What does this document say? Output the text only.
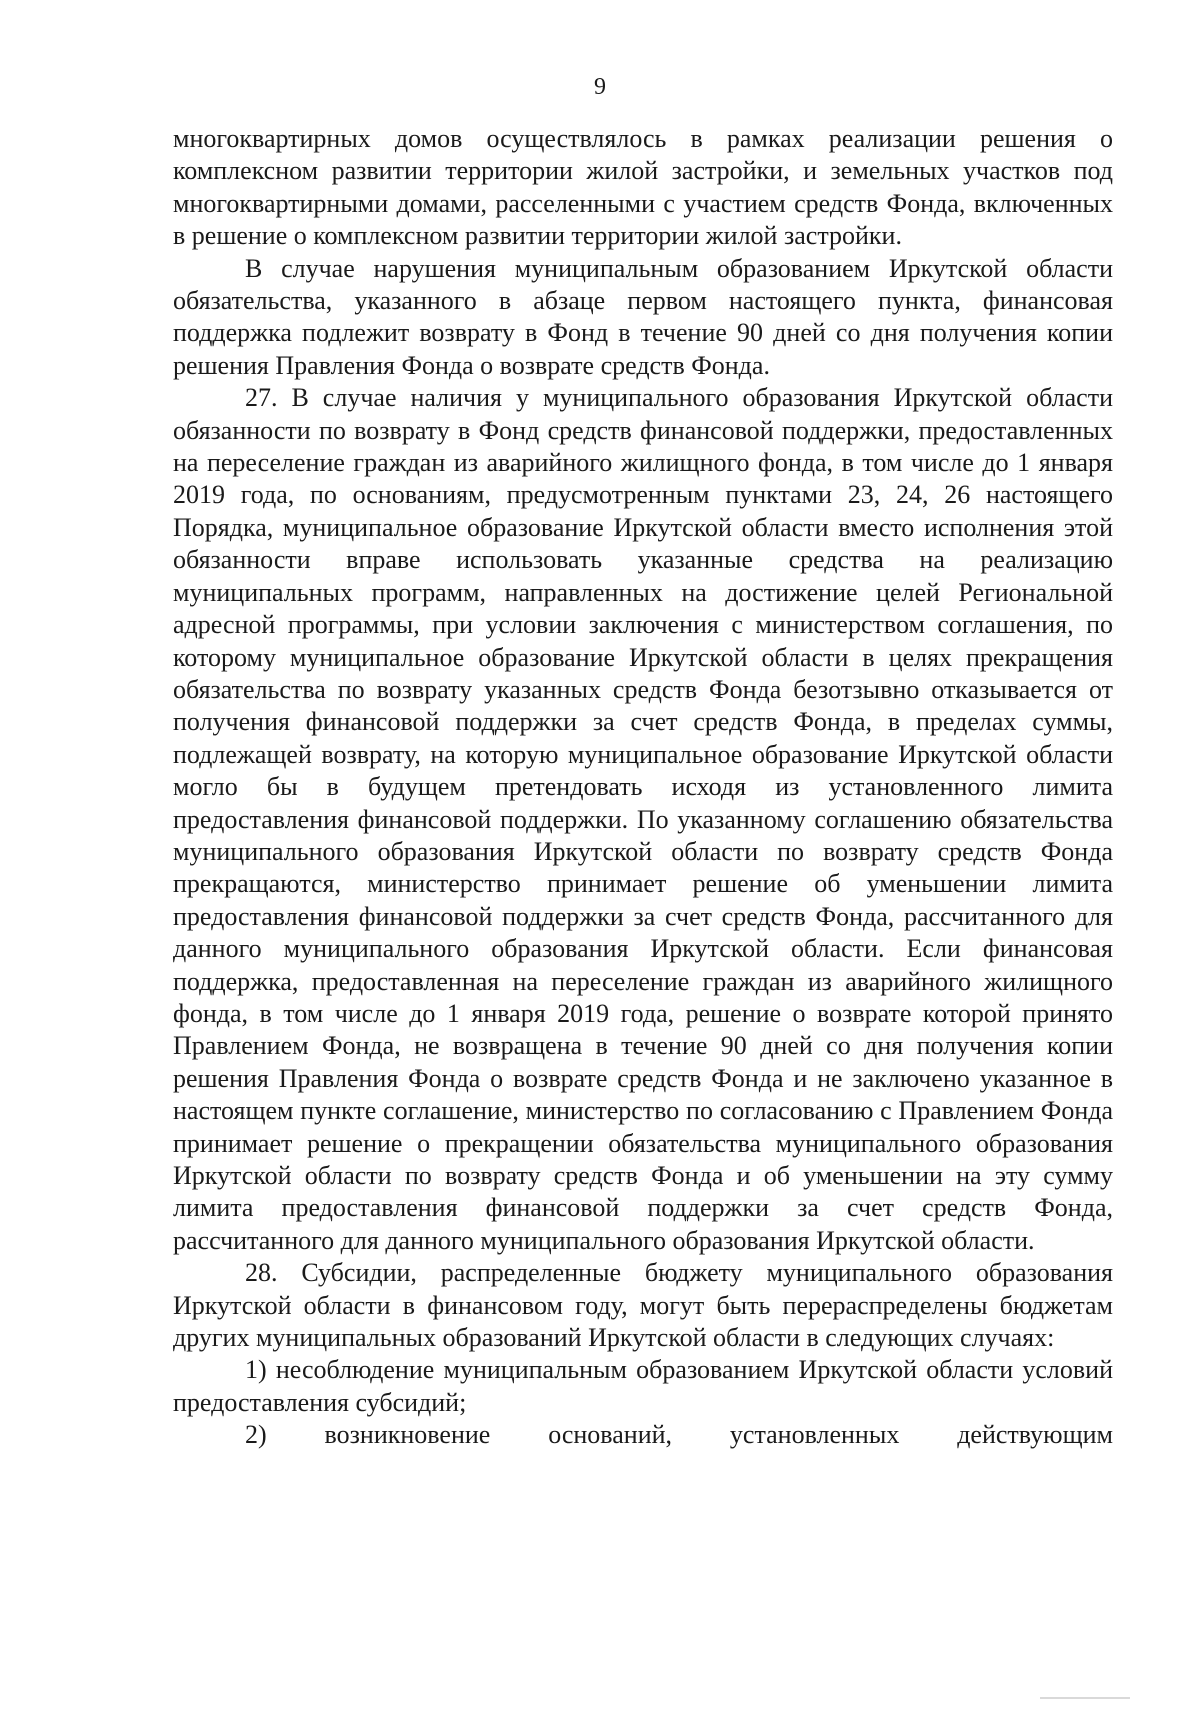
9

многоквартирных домов осуществлялось в рамках реализации решения о комплексном развитии территории жилой застройки, и земельных участков под многоквартирными домами, расселенными с участием средств Фонда, включенных в решение о комплексном развитии территории жилой застройки.

В случае нарушения муниципальным образованием Иркутской области обязательства, указанного в абзаце первом настоящего пункта, финансовая поддержка подлежит возврату в Фонд в течение 90 дней со дня получения копии решения Правления Фонда о возврате средств Фонда.

27. В случае наличия у муниципального образования Иркутской области обязанности по возврату в Фонд средств финансовой поддержки, предоставленных на переселение граждан из аварийного жилищного фонда, в том числе до 1 января 2019 года, по основаниям, предусмотренным пунктами 23, 24, 26 настоящего Порядка, муниципальное образование Иркутской области вместо исполнения этой обязанности вправе использовать указанные средства на реализацию муниципальных программ, направленных на достижение целей Региональной адресной программы, при условии заключения с министерством соглашения, по которому муниципальное образование Иркутской области в целях прекращения обязательства по возврату указанных средств Фонда безотзывно отказывается от получения финансовой поддержки за счет средств Фонда, в пределах суммы, подлежащей возврату, на которую муниципальное образование Иркутской области могло бы в будущем претендовать исходя из установленного лимита предоставления финансовой поддержки. По указанному соглашению обязательства муниципального образования Иркутской области по возврату средств Фонда прекращаются, министерство принимает решение об уменьшении лимита предоставления финансовой поддержки за счет средств Фонда, рассчитанного для данного муниципального образования Иркутской области. Если финансовая поддержка, предоставленная на переселение граждан из аварийного жилищного фонда, в том числе до 1 января 2019 года, решение о возврате которой принято Правлением Фонда, не возвращена в течение 90 дней со дня получения копии решения Правления Фонда о возврате средств Фонда и не заключено указанное в настоящем пункте соглашение, министерство по согласованию с Правлением Фонда принимает решение о прекращении обязательства муниципального образования Иркутской области по возврату средств Фонда и об уменьшении на эту сумму лимита предоставления финансовой поддержки за счет средств Фонда, рассчитанного для данного муниципального образования Иркутской области.

28. Субсидии, распределенные бюджету муниципального образования Иркутской области в финансовом году, могут быть перераспределены бюджетам других муниципальных образований Иркутской области в следующих случаях:

1) несоблюдение муниципальным образованием Иркутской области условий предоставления субсидий;

2) возникновение оснований, установленных действующим
